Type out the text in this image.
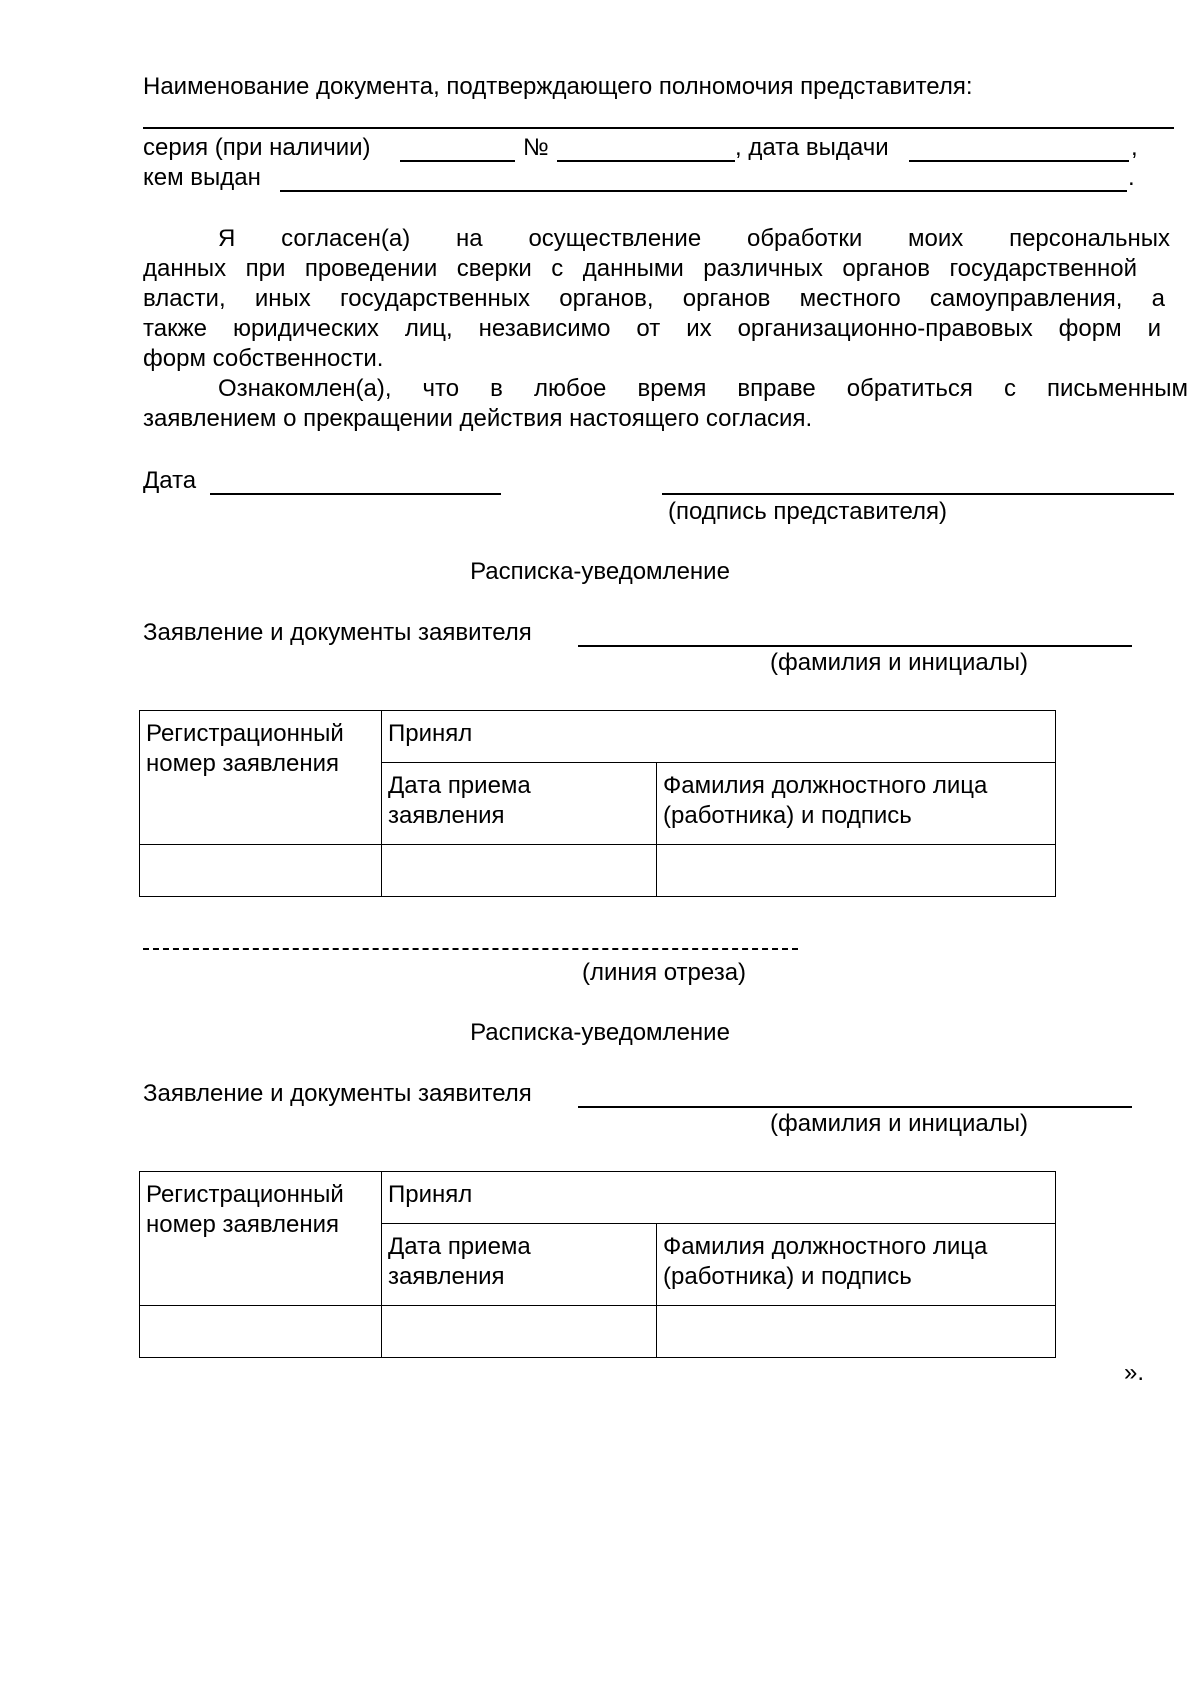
Наименование документа, подтверждающего полномочия представителя:
серия (при наличии)	№	, дата выдачи	,
кем выдан	.
Я согласен(а) на осуществление обработки моих персональных
данных при проведении сверки с данными различных органов государственной
власти, иных государственных органов, органов местного самоуправления, а
также юридических лиц, независимо от их организационно-правовых форм и
форм собственности.
Ознакомлен(а), что в любое время вправе обратиться с письменным
заявлением о прекращении действия настоящего согласия.
Дата
(подпись представителя)
Расписка-уведомление
Заявление и документы заявителя
(фамилия и инициалы)
Регистрационный номер заявления	Принял	
	Дата приема заявления	Фамилия должностного лица (работника) и подпись

(линия отреза)
Расписка-уведомление
Заявление и документы заявителя
(фамилия и инициалы)
Регистрационный номер заявления	Принял	
	Дата приема заявления	Фамилия должностного лица (работника) и подпись

».
